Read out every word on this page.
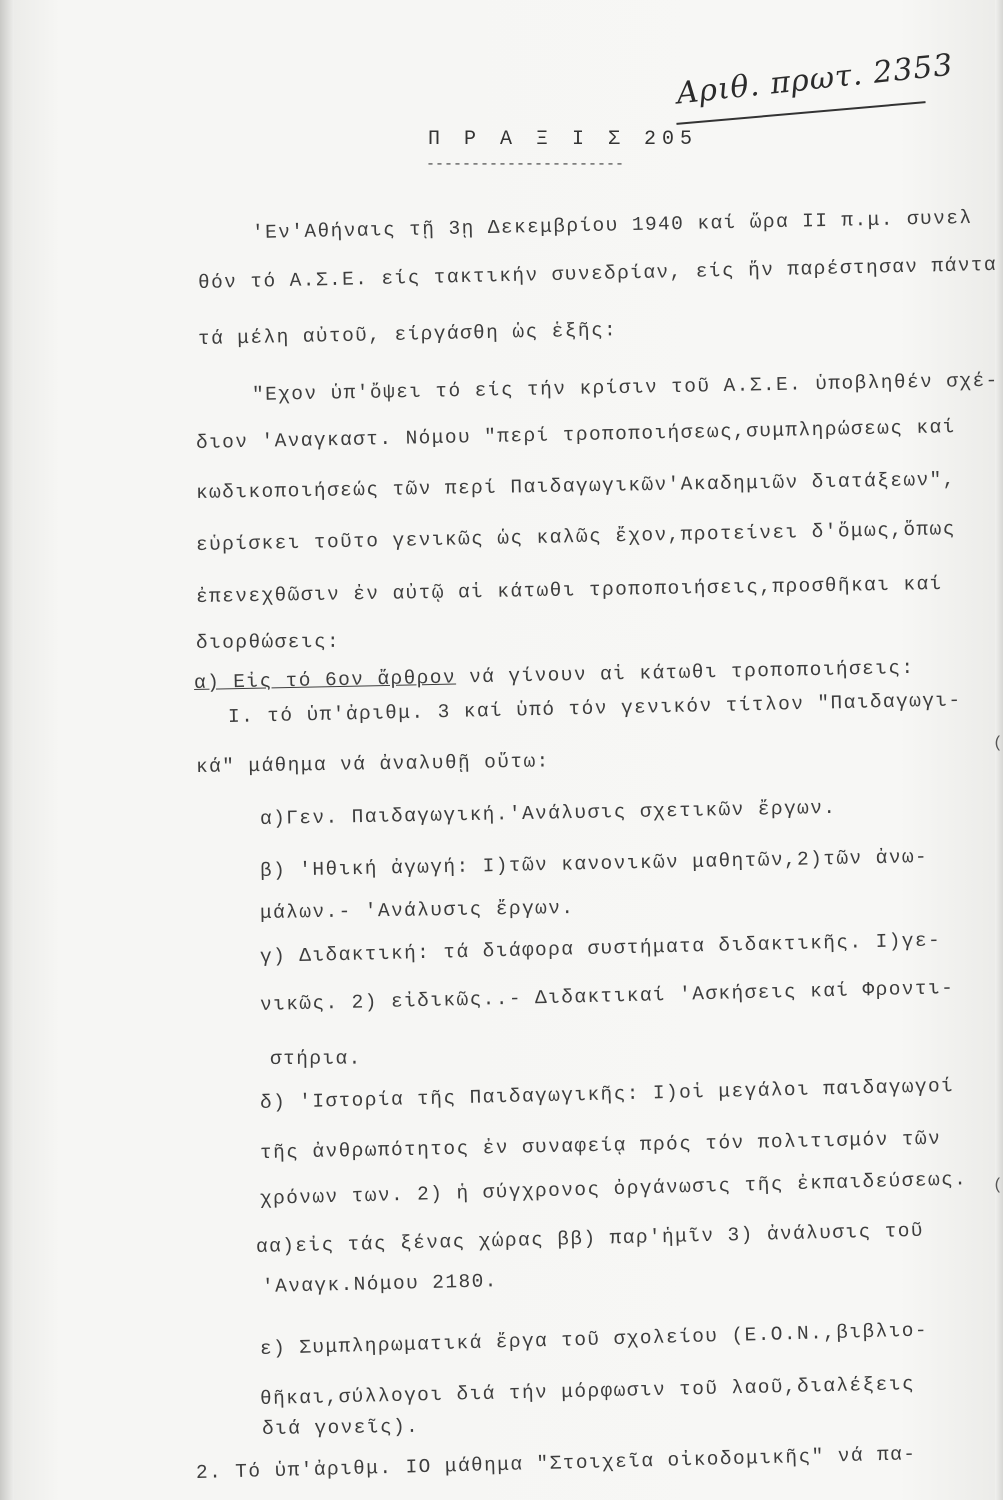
Αριθ. πρωτ. 2353
Π Ρ Α Ξ Ι Σ 205
----------------------
'Εν'Αθήναις τῇ 3ῃ Δεκεμβρίου 1940 καί ὥρα ΙΙ π.μ. συνελ
θόν τό Α.Σ.Ε. είς τακτικήν συνεδρίαν, είς ἥν παρέστησαν πάντα
τά μέλη αὐτοῦ, είργάσθη ὡς ἑξῆς:
"Εχον ὑπ'ὄψει τό είς τήν κρίσιν τοῦ Α.Σ.Ε. ὑποβληθέν σχέ-
διον 'Αναγκαστ. Νόμου "περί τροποποιήσεως,συμπληρώσεως καί
κωδικοποιήσεώς τῶν περί Παιδαγωγικῶν'Ακαδημιῶν διατάξεων",
εὑρίσκει τοῦτο γενικῶς ὡς καλῶς ἔχον,προτείνει δ'ὅμως,ὅπως
ἐπενεχθῶσιν ἐν αὐτῷ αἱ κάτωθι τροποποιήσεις,προσθῆκαι καί
διορθώσεις:
α) Εἰς τό 6ον ἄρθρον νά γίνουν αἱ κάτωθι τροποποιήσεις:
Ι. τό ὑπ'ἀριθμ. 3 καί ὑπό τόν γενικόν τίτλον "Παιδαγωγι-
κά" μάθημα νά ἀναλυθῇ οὕτω:
α)Γεν. Παιδαγωγική.'Ανάλυσις σχετικῶν ἔργων.
β) 'Ηθική ἀγωγή: Ι)τῶν κανονικῶν μαθητῶν,2)τῶν ἀνω-
μάλων.- 'Ανάλυσις ἔργων.
γ) Διδακτική: τά διάφορα συστήματα διδακτικῆς. Ι)γε-
νικῶς. 2) εἰδικῶς..- Διδακτικαί 'Ασκήσεις καί Φροντι-
στήρια.
δ) 'Ιστορία τῆς Παιδαγωγικῆς: Ι)οἱ μεγάλοι παιδαγωγοί
τῆς ἀνθρωπότητος ἐν συναφείᾳ πρός τόν πολιτισμόν τῶν
χρόνων των. 2) ἡ σύγχρονος ὀργάνωσις τῆς ἐκπαιδεύσεως.
αα)εἰς τάς ξένας χώρας ββ) παρ'ἡμῖν 3) ἀνάλυσις τοῦ
'Αναγκ.Νόμου 2180.
ε) Συμπληρωματικά ἔργα τοῦ σχολείου (Ε.Ο.Ν.,βιβλιο-
θῆκαι,σύλλογοι διά τήν μόρφωσιν τοῦ λαοῦ,διαλέξεις
διά γονεῖς).
2. Τό ὑπ'ἀριθμ. ΙΟ μάθημα "Στοιχεῖα οἰκοδομικῆς" νά πα-
(
(
